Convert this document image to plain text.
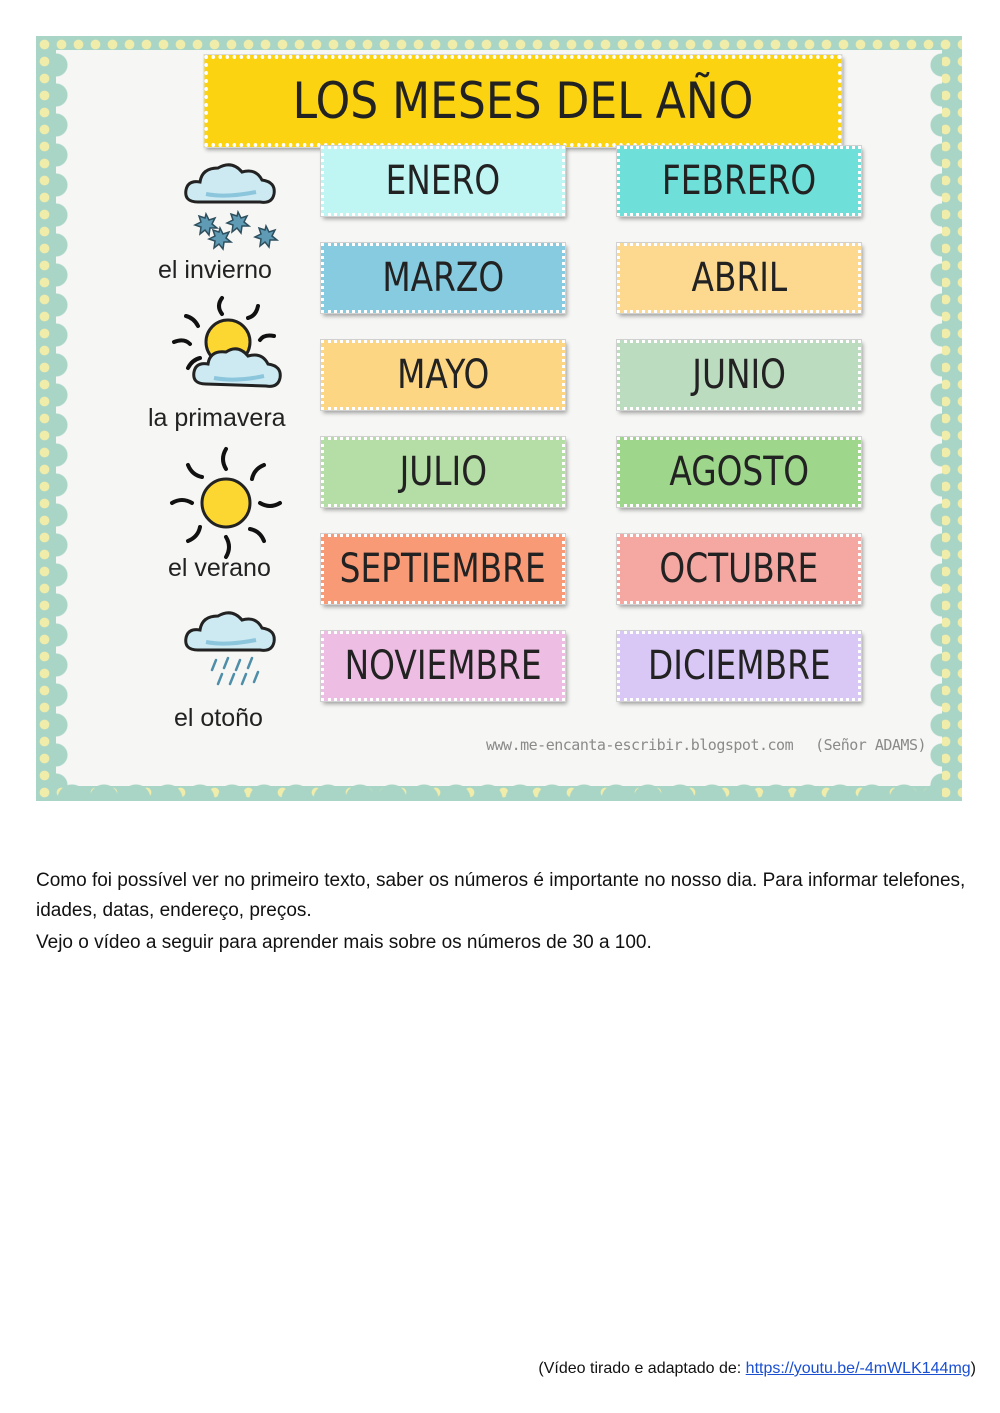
LOS MESES DEL AÑO
el invierno
la primavera
el verano
el otoño
ENERO	FEBRERO
MARZO	ABRIL
MAYO	JUNIO
JULIO	AGOSTO
SEPTIEMBRE	OCTUBRE
NOVIEMBRE	DICIEMBRE
www.me-encanta-escribir.blogspot.com (Señor ADAMS)
Como foi possível ver no primeiro texto, saber os números é importante no nosso dia. Para informar telefones, idades, datas, endereço, preços.
Vejo o vídeo a seguir para aprender mais sobre os números de 30 a 100.
(Vídeo tirado e adaptado de: https://youtu.be/-4mWLK144mg)
